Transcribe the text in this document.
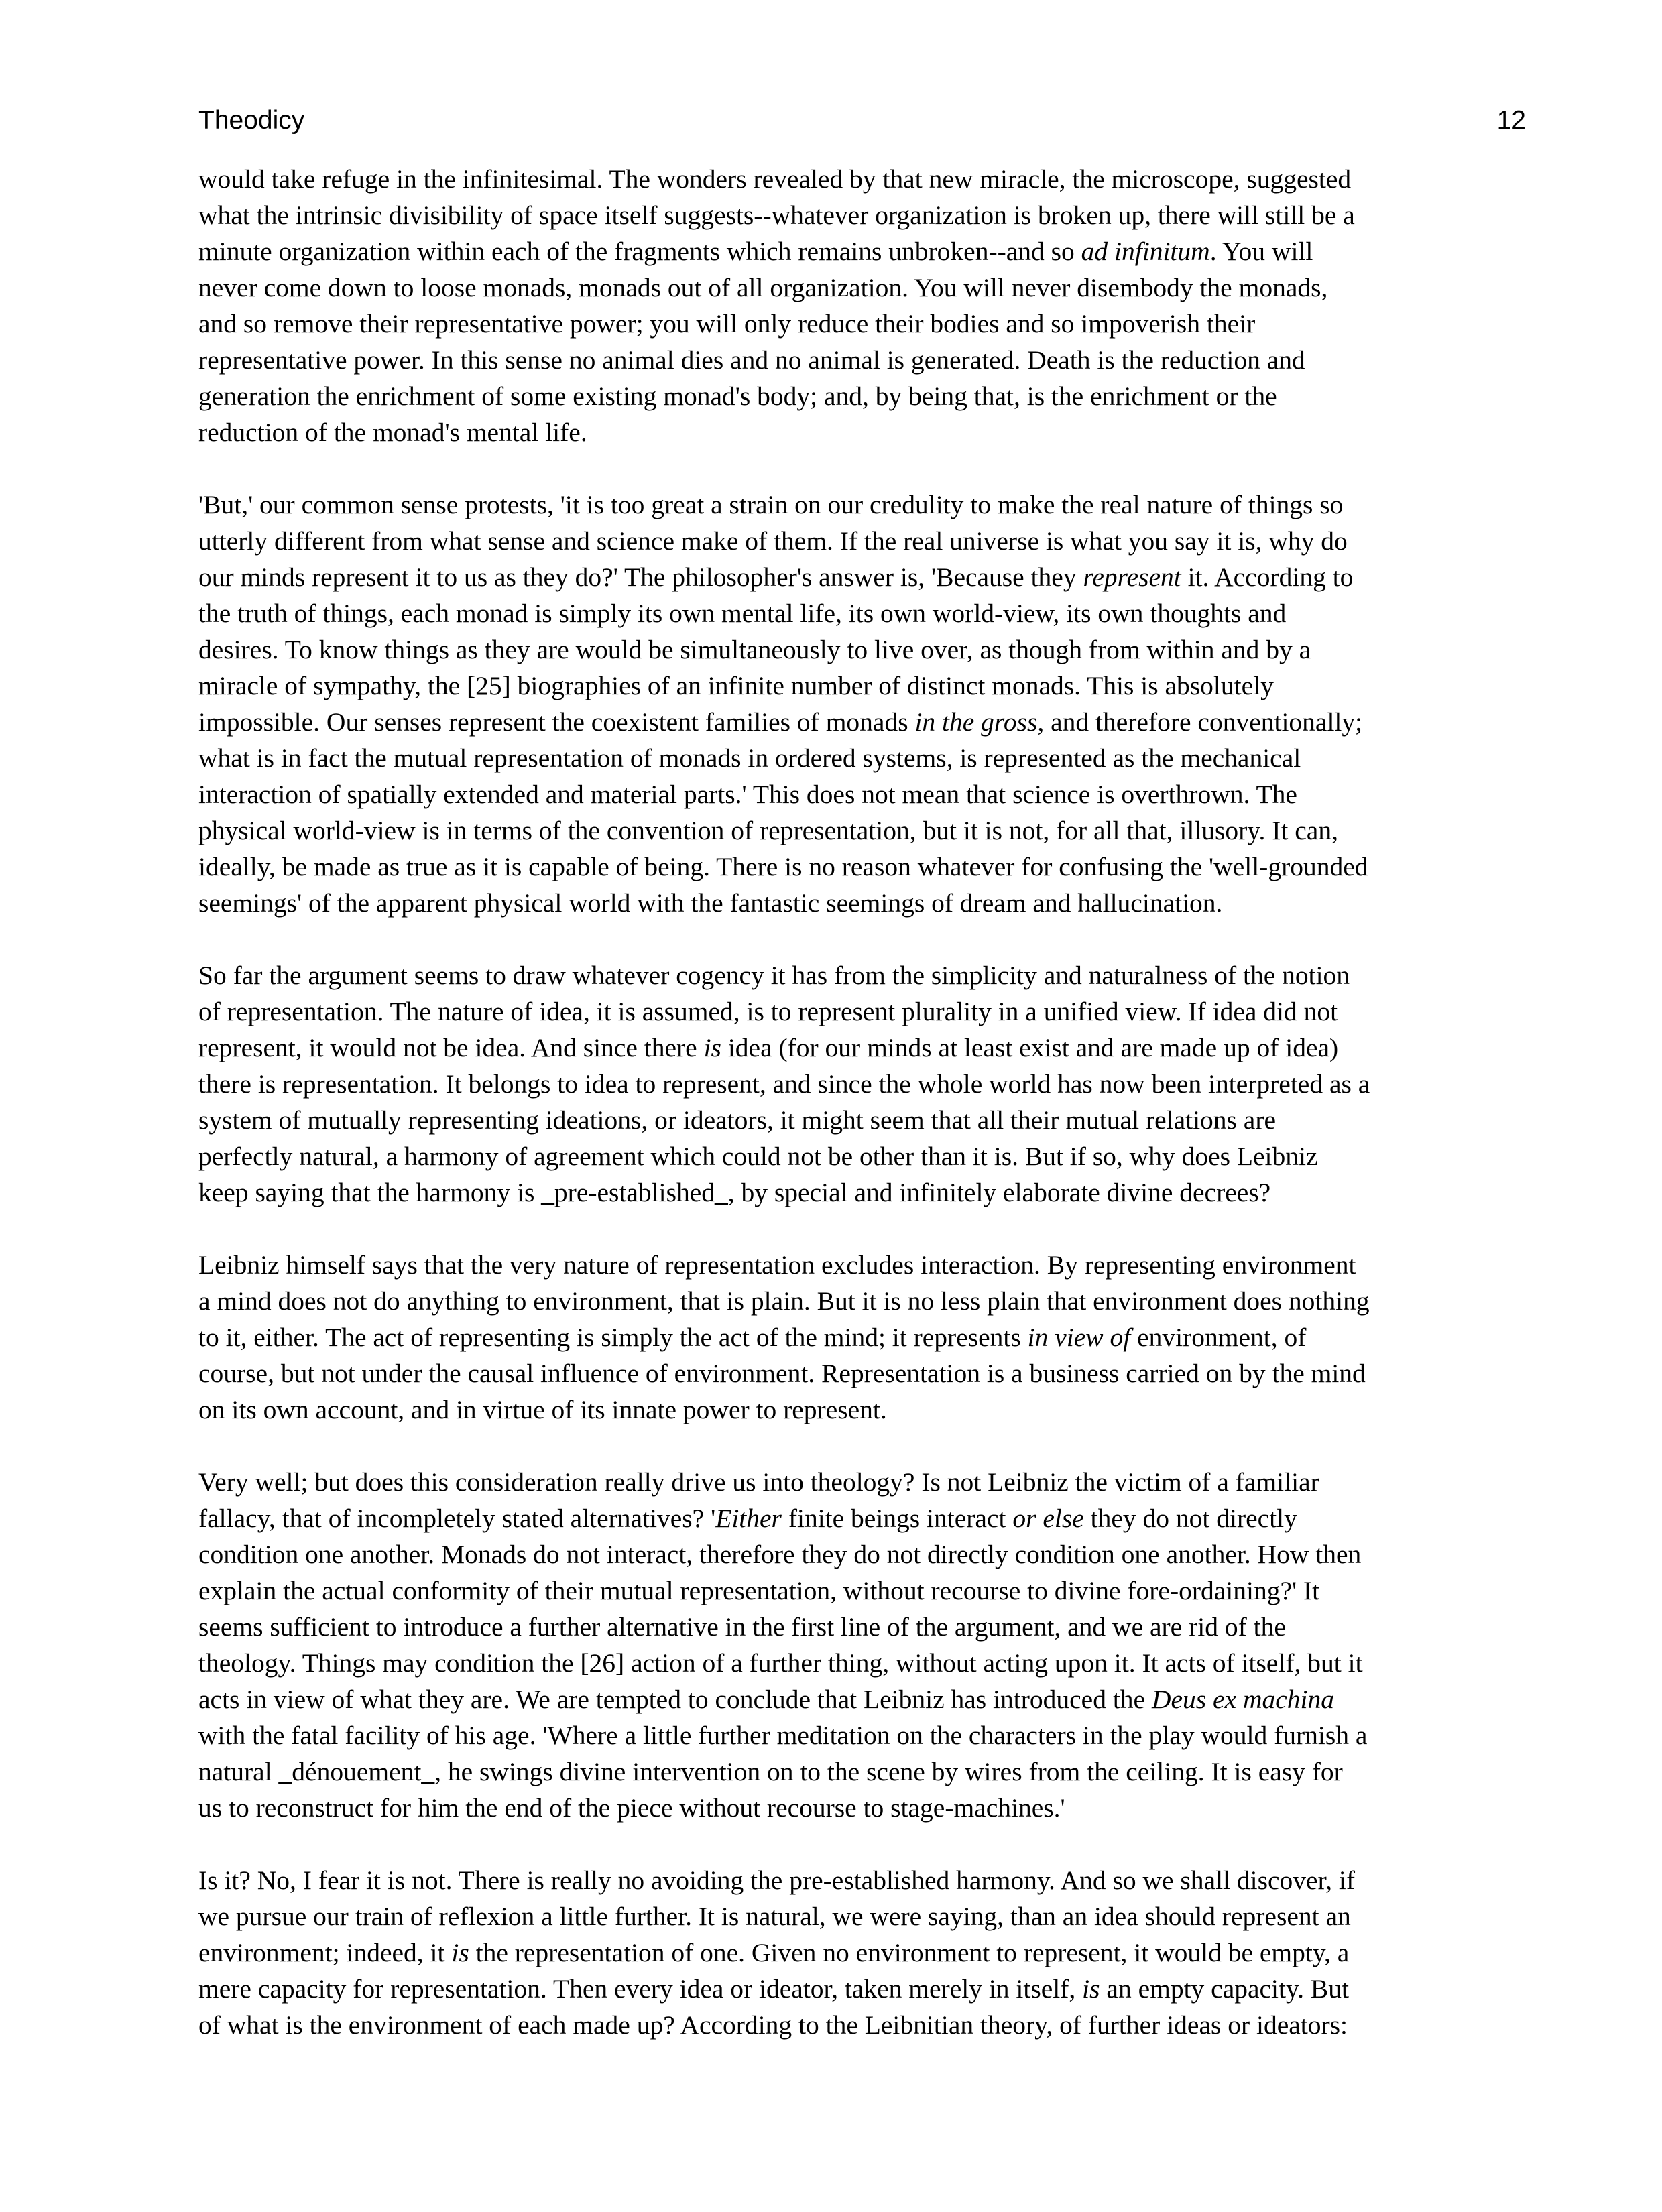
Theodicy	12

would take refuge in the infinitesimal. The wonders revealed by that new miracle, the microscope, suggested
what the intrinsic divisibility of space itself suggests--whatever organization is broken up, there will still be a
minute organization within each of the fragments which remains unbroken--and so ad infinitum. You will
never come down to loose monads, monads out of all organization. You will never disembody the monads,
and so remove their representative power; you will only reduce their bodies and so impoverish their
representative power. In this sense no animal dies and no animal is generated. Death is the reduction and
generation the enrichment of some existing monad's body; and, by being that, is the enrichment or the
reduction of the monad's mental life.

'But,' our common sense protests, 'it is too great a strain on our credulity to make the real nature of things so
utterly different from what sense and science make of them. If the real universe is what you say it is, why do
our minds represent it to us as they do?' The philosopher's answer is, 'Because they represent it. According to
the truth of things, each monad is simply its own mental life, its own world-view, its own thoughts and
desires. To know things as they are would be simultaneously to live over, as though from within and by a
miracle of sympathy, the [25] biographies of an infinite number of distinct monads. This is absolutely
impossible. Our senses represent the coexistent families of monads in the gross, and therefore conventionally;
what is in fact the mutual representation of monads in ordered systems, is represented as the mechanical
interaction of spatially extended and material parts.' This does not mean that science is overthrown. The
physical world-view is in terms of the convention of representation, but it is not, for all that, illusory. It can,
ideally, be made as true as it is capable of being. There is no reason whatever for confusing the 'well-grounded
seemings' of the apparent physical world with the fantastic seemings of dream and hallucination.

So far the argument seems to draw whatever cogency it has from the simplicity and naturalness of the notion
of representation. The nature of idea, it is assumed, is to represent plurality in a unified view. If idea did not
represent, it would not be idea. And since there is idea (for our minds at least exist and are made up of idea)
there is representation. It belongs to idea to represent, and since the whole world has now been interpreted as a
system of mutually representing ideations, or ideators, it might seem that all their mutual relations are
perfectly natural, a harmony of agreement which could not be other than it is. But if so, why does Leibniz
keep saying that the harmony is _pre-established_, by special and infinitely elaborate divine decrees?

Leibniz himself says that the very nature of representation excludes interaction. By representing environment
a mind does not do anything to environment, that is plain. But it is no less plain that environment does nothing
to it, either. The act of representing is simply the act of the mind; it represents in view of environment, of
course, but not under the causal influence of environment. Representation is a business carried on by the mind
on its own account, and in virtue of its innate power to represent.

Very well; but does this consideration really drive us into theology? Is not Leibniz the victim of a familiar
fallacy, that of incompletely stated alternatives? 'Either finite beings interact or else they do not directly
condition one another. Monads do not interact, therefore they do not directly condition one another. How then
explain the actual conformity of their mutual representation, without recourse to divine fore-ordaining?' It
seems sufficient to introduce a further alternative in the first line of the argument, and we are rid of the
theology. Things may condition the [26] action of a further thing, without acting upon it. It acts of itself, but it
acts in view of what they are. We are tempted to conclude that Leibniz has introduced the Deus ex machina
with the fatal facility of his age. 'Where a little further meditation on the characters in the play would furnish a
natural _dénouement_, he swings divine intervention on to the scene by wires from the ceiling. It is easy for
us to reconstruct for him the end of the piece without recourse to stage-machines.'

Is it? No, I fear it is not. There is really no avoiding the pre-established harmony. And so we shall discover, if
we pursue our train of reflexion a little further. It is natural, we were saying, than an idea should represent an
environment; indeed, it is the representation of one. Given no environment to represent, it would be empty, a
mere capacity for representation. Then every idea or ideator, taken merely in itself, is an empty capacity. But
of what is the environment of each made up? According to the Leibnitian theory, of further ideas or ideators:
